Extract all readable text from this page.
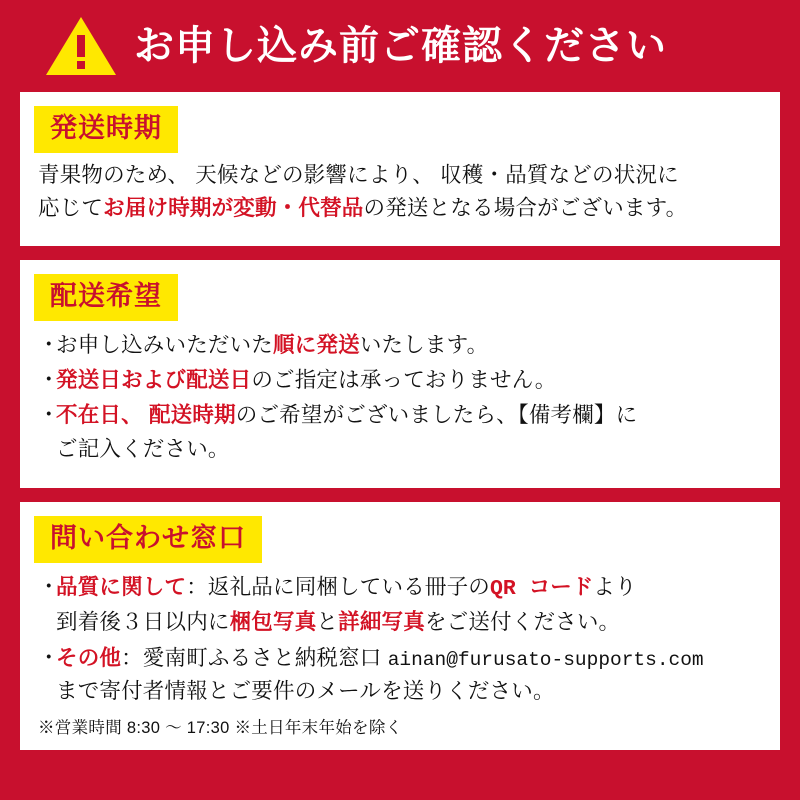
お申し込み前ご確認ください
発送時期
青果物のため、 天候などの影響により、 収穫・品質などの状況に
応じてお届け時期が変動・代替品の発送となる場合がございます。
配送希望
・
お申し込みいただいた順に発送いたします。
・
発送日および配送日のご指定は承っておりません。
・
不在日、 配送時期のご希望がございましたら、【備考欄】に
ご記入ください。
問い合わせ窓口
・
品質に関して：返礼品に同梱している冊子のQR コードより
到着後３日以内に梱包写真と詳細写真をご送付ください。
・
その他：愛南町ふるさと納税窓口 ainan@furusato-supports.com
まで寄付者情報とご要件のメールを送りください。
※営業時間 8:30 〜 17:30 ※土日年末年始を除く
